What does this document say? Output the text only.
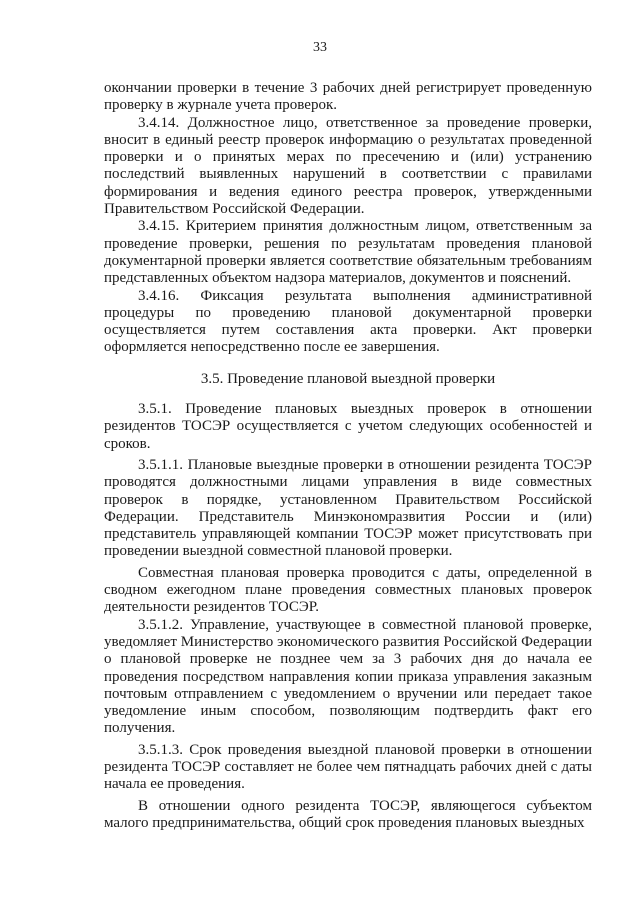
33

окончании проверки в течение 3 рабочих дней регистрирует проведенную проверку в журнале учета проверок.

3.4.14. Должностное лицо, ответственное за проведение проверки, вносит в единый реестр проверок информацию о результатах проведенной проверки и о принятых мерах по пресечению и (или) устранению последствий выявленных нарушений в соответствии с правилами формирования и ведения единого реестра проверок, утвержденными Правительством Российской Федерации.

3.4.15. Критерием принятия должностным лицом, ответственным за проведение проверки, решения по результатам проведения плановой документарной проверки является соответствие обязательным требованиям представленных объектом надзора материалов, документов и пояснений.

3.4.16. Фиксация результата выполнения административной процедуры по проведению плановой документарной проверки осуществляется путем составления акта проверки. Акт проверки оформляется непосредственно после ее завершения.

3.5. Проведение плановой выездной проверки

3.5.1. Проведение плановых выездных проверок в отношении резидентов ТОСЭР осуществляется с учетом следующих особенностей и сроков.

3.5.1.1. Плановые выездные проверки в отношении резидента ТОСЭР проводятся должностными лицами управления в виде совместных проверок в порядке, установленном Правительством Российской Федерации. Представитель Минэкономразвития России и (или) представитель управляющей компании ТОСЭР может присутствовать при проведении выездной совместной плановой проверки.

Совместная плановая проверка проводится с даты, определенной в сводном ежегодном плане проведения совместных плановых проверок деятельности резидентов ТОСЭР.

3.5.1.2. Управление, участвующее в совместной плановой проверке, уведомляет Министерство экономического развития Российской Федерации о плановой проверке не позднее чем за 3 рабочих дня до начала ее проведения посредством направления копии приказа управления заказным почтовым отправлением с уведомлением о вручении или передает такое уведомление иным способом, позволяющим подтвердить факт его получения.

3.5.1.3. Срок проведения выездной плановой проверки в отношении резидента ТОСЭР составляет не более чем пятнадцать рабочих дней с даты начала ее проведения.

В отношении одного резидента ТОСЭР, являющегося субъектом малого предпринимательства, общий срок проведения плановых выездных
